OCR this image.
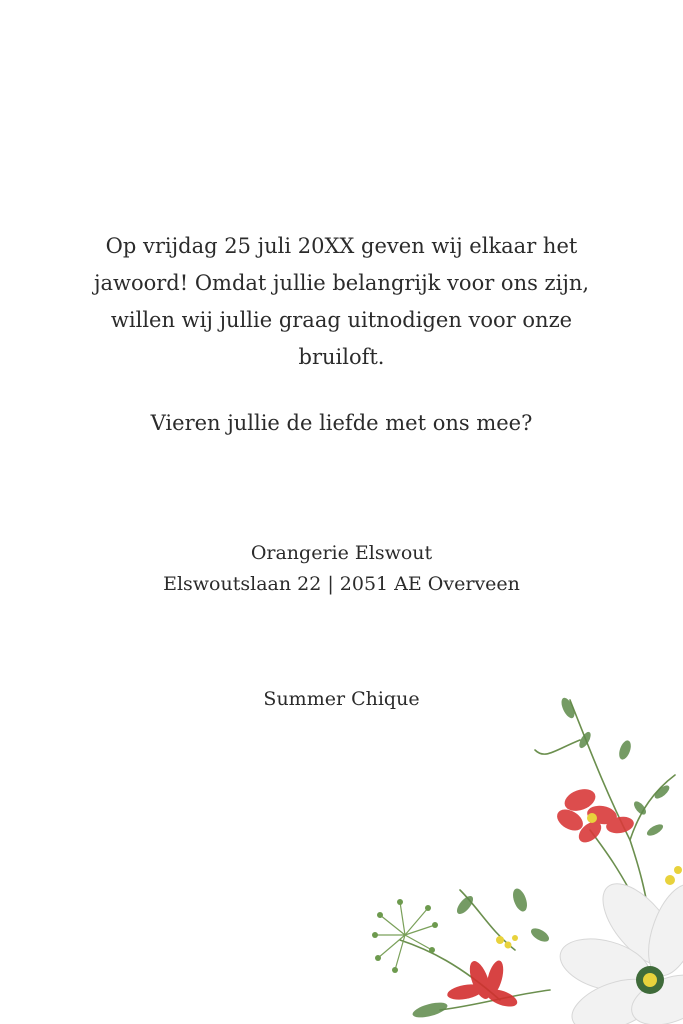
Op vrijdag 25 juli 20XX geven wij elkaar het
jawoord! Omdat jullie belangrijk voor ons zijn,
willen wij jullie graag uitnodigen voor onze
bruiloft.

Vieren jullie de liefde met ons mee?

Orangerie Elswout
Elswoutslaan 22 | 2051 AE Overveen
Summer Chique
